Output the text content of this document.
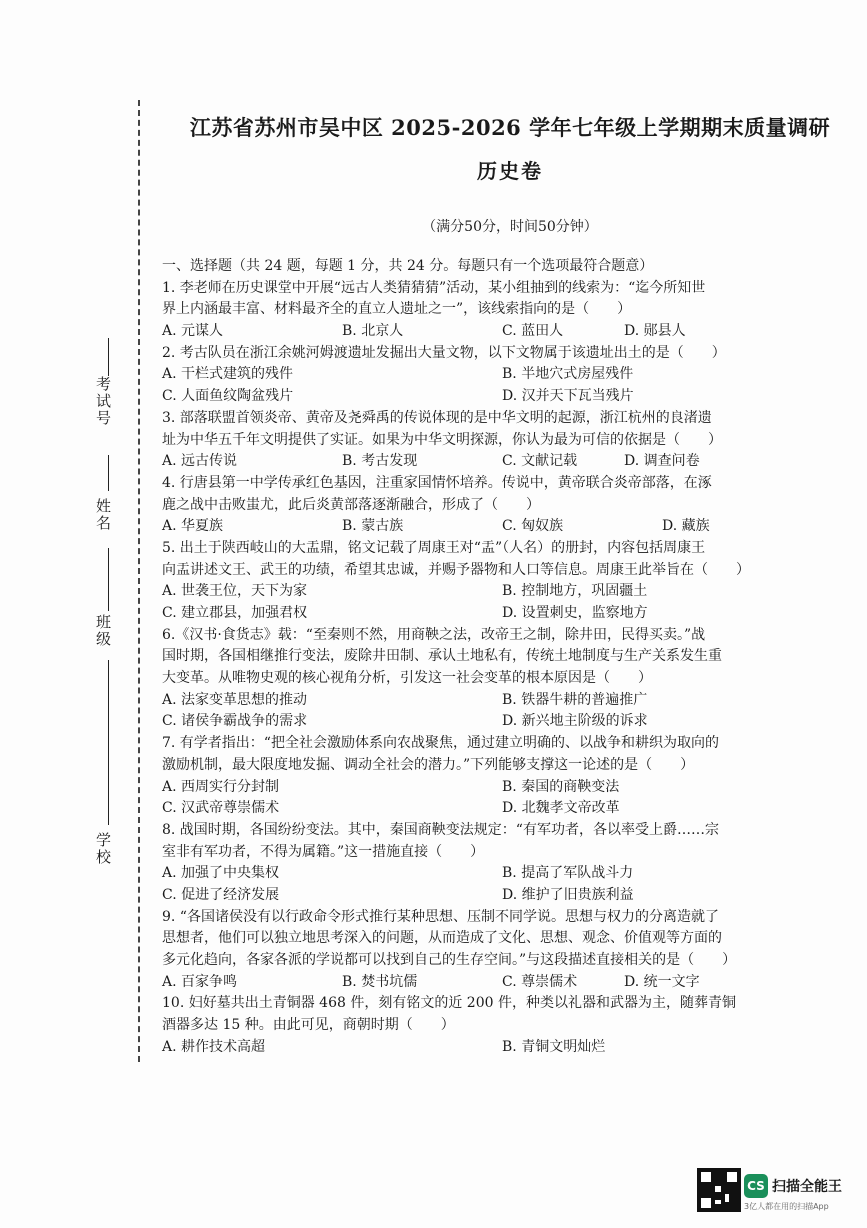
考试号
姓名
班级
学校
江苏省苏州市吴中区 2025-2026 学年七年级上学期期末质量调研
历史卷
（满分50分，时间50分钟）
一、选择题（共 24 题，每题 1 分，共 24 分。每题只有一个选项最符合题意）
1. 李老师在历史课堂中开展“远古人类猜猜猜”活动，某小组抽到的线索为：“迄今所知世
界上内涵最丰富、材料最齐全的直立人遗址之一”，该线索指向的是（　　）
A. 元谋人	B. 北京人	C. 蓝田人	D. 郧县人
2. 考古队员在浙江余姚河姆渡遗址发掘出大量文物，以下文物属于该遗址出土的是（　　）
A. 干栏式建筑的残件	B. 半地穴式房屋残件
C. 人面鱼纹陶盆残片	D. 汉并天下瓦当残片
3. 部落联盟首领炎帝、黄帝及尧舜禹的传说体现的是中华文明的起源，浙江杭州的良渚遗
址为中华五千年文明提供了实证。如果为中华文明探源，你认为最为可信的依据是（　　）
A. 远古传说	B. 考古发现	C. 文献记载	D. 调查问卷
4. 行唐县第一中学传承红色基因，注重家国情怀培养。传说中，黄帝联合炎帝部落，在涿
鹿之战中击败蚩尤，此后炎黄部落逐渐融合，形成了（　　）
A. 华夏族	B. 蒙古族	C. 匈奴族	D. 藏族
5. 出土于陕西岐山的大盂鼎，铭文记载了周康王对“盂”（人名）的册封，内容包括周康王
向盂讲述文王、武王的功绩，希望其忠诚，并赐予器物和人口等信息。周康王此举旨在（　　）
A. 世袭王位，天下为家	B. 控制地方，巩固疆土
C. 建立郡县，加强君权	D. 设置刺史，监察地方
6.《汉书·食货志》载：“至秦则不然，用商鞅之法，改帝王之制，除井田，民得买卖。”战
国时期，各国相继推行变法，废除井田制、承认土地私有，传统土地制度与生产关系发生重
大变革。从唯物史观的核心视角分析，引发这一社会变革的根本原因是（　　）
A. 法家变革思想的推动	B. 铁器牛耕的普遍推广
C. 诸侯争霸战争的需求	D. 新兴地主阶级的诉求
7. 有学者指出：“把全社会激励体系向农战聚焦，通过建立明确的、以战争和耕织为取向的
激励机制，最大限度地发掘、调动全社会的潜力。”下列能够支撑这一论述的是（　　）
A. 西周实行分封制	B. 秦国的商鞅变法
C. 汉武帝尊崇儒术	D. 北魏孝文帝改革
8. 战国时期，各国纷纷变法。其中，秦国商鞅变法规定：“有军功者，各以率受上爵……宗
室非有军功者，不得为属籍。”这一措施直接（　　）
A. 加强了中央集权	B. 提高了军队战斗力
C. 促进了经济发展	D. 维护了旧贵族利益
9. “各国诸侯没有以行政命令形式推行某种思想、压制不同学说。思想与权力的分离造就了
思想者，他们可以独立地思考深入的问题，从而造成了文化、思想、观念、价值观等方面的
多元化趋向，各家各派的学说都可以找到自己的生存空间。”与这段描述直接相关的是（　　）
A. 百家争鸣	B. 焚书坑儒	C. 尊崇儒术	D. 统一文字
10. 妇好墓共出土青铜器 468 件，刻有铭文的近 200 件，种类以礼器和武器为主，随葬青铜
酒器多达 15 种。由此可见，商朝时期（　　）
A. 耕作技术高超	B. 青铜文明灿烂
CS 扫描全能王
3亿人都在用的扫描App
